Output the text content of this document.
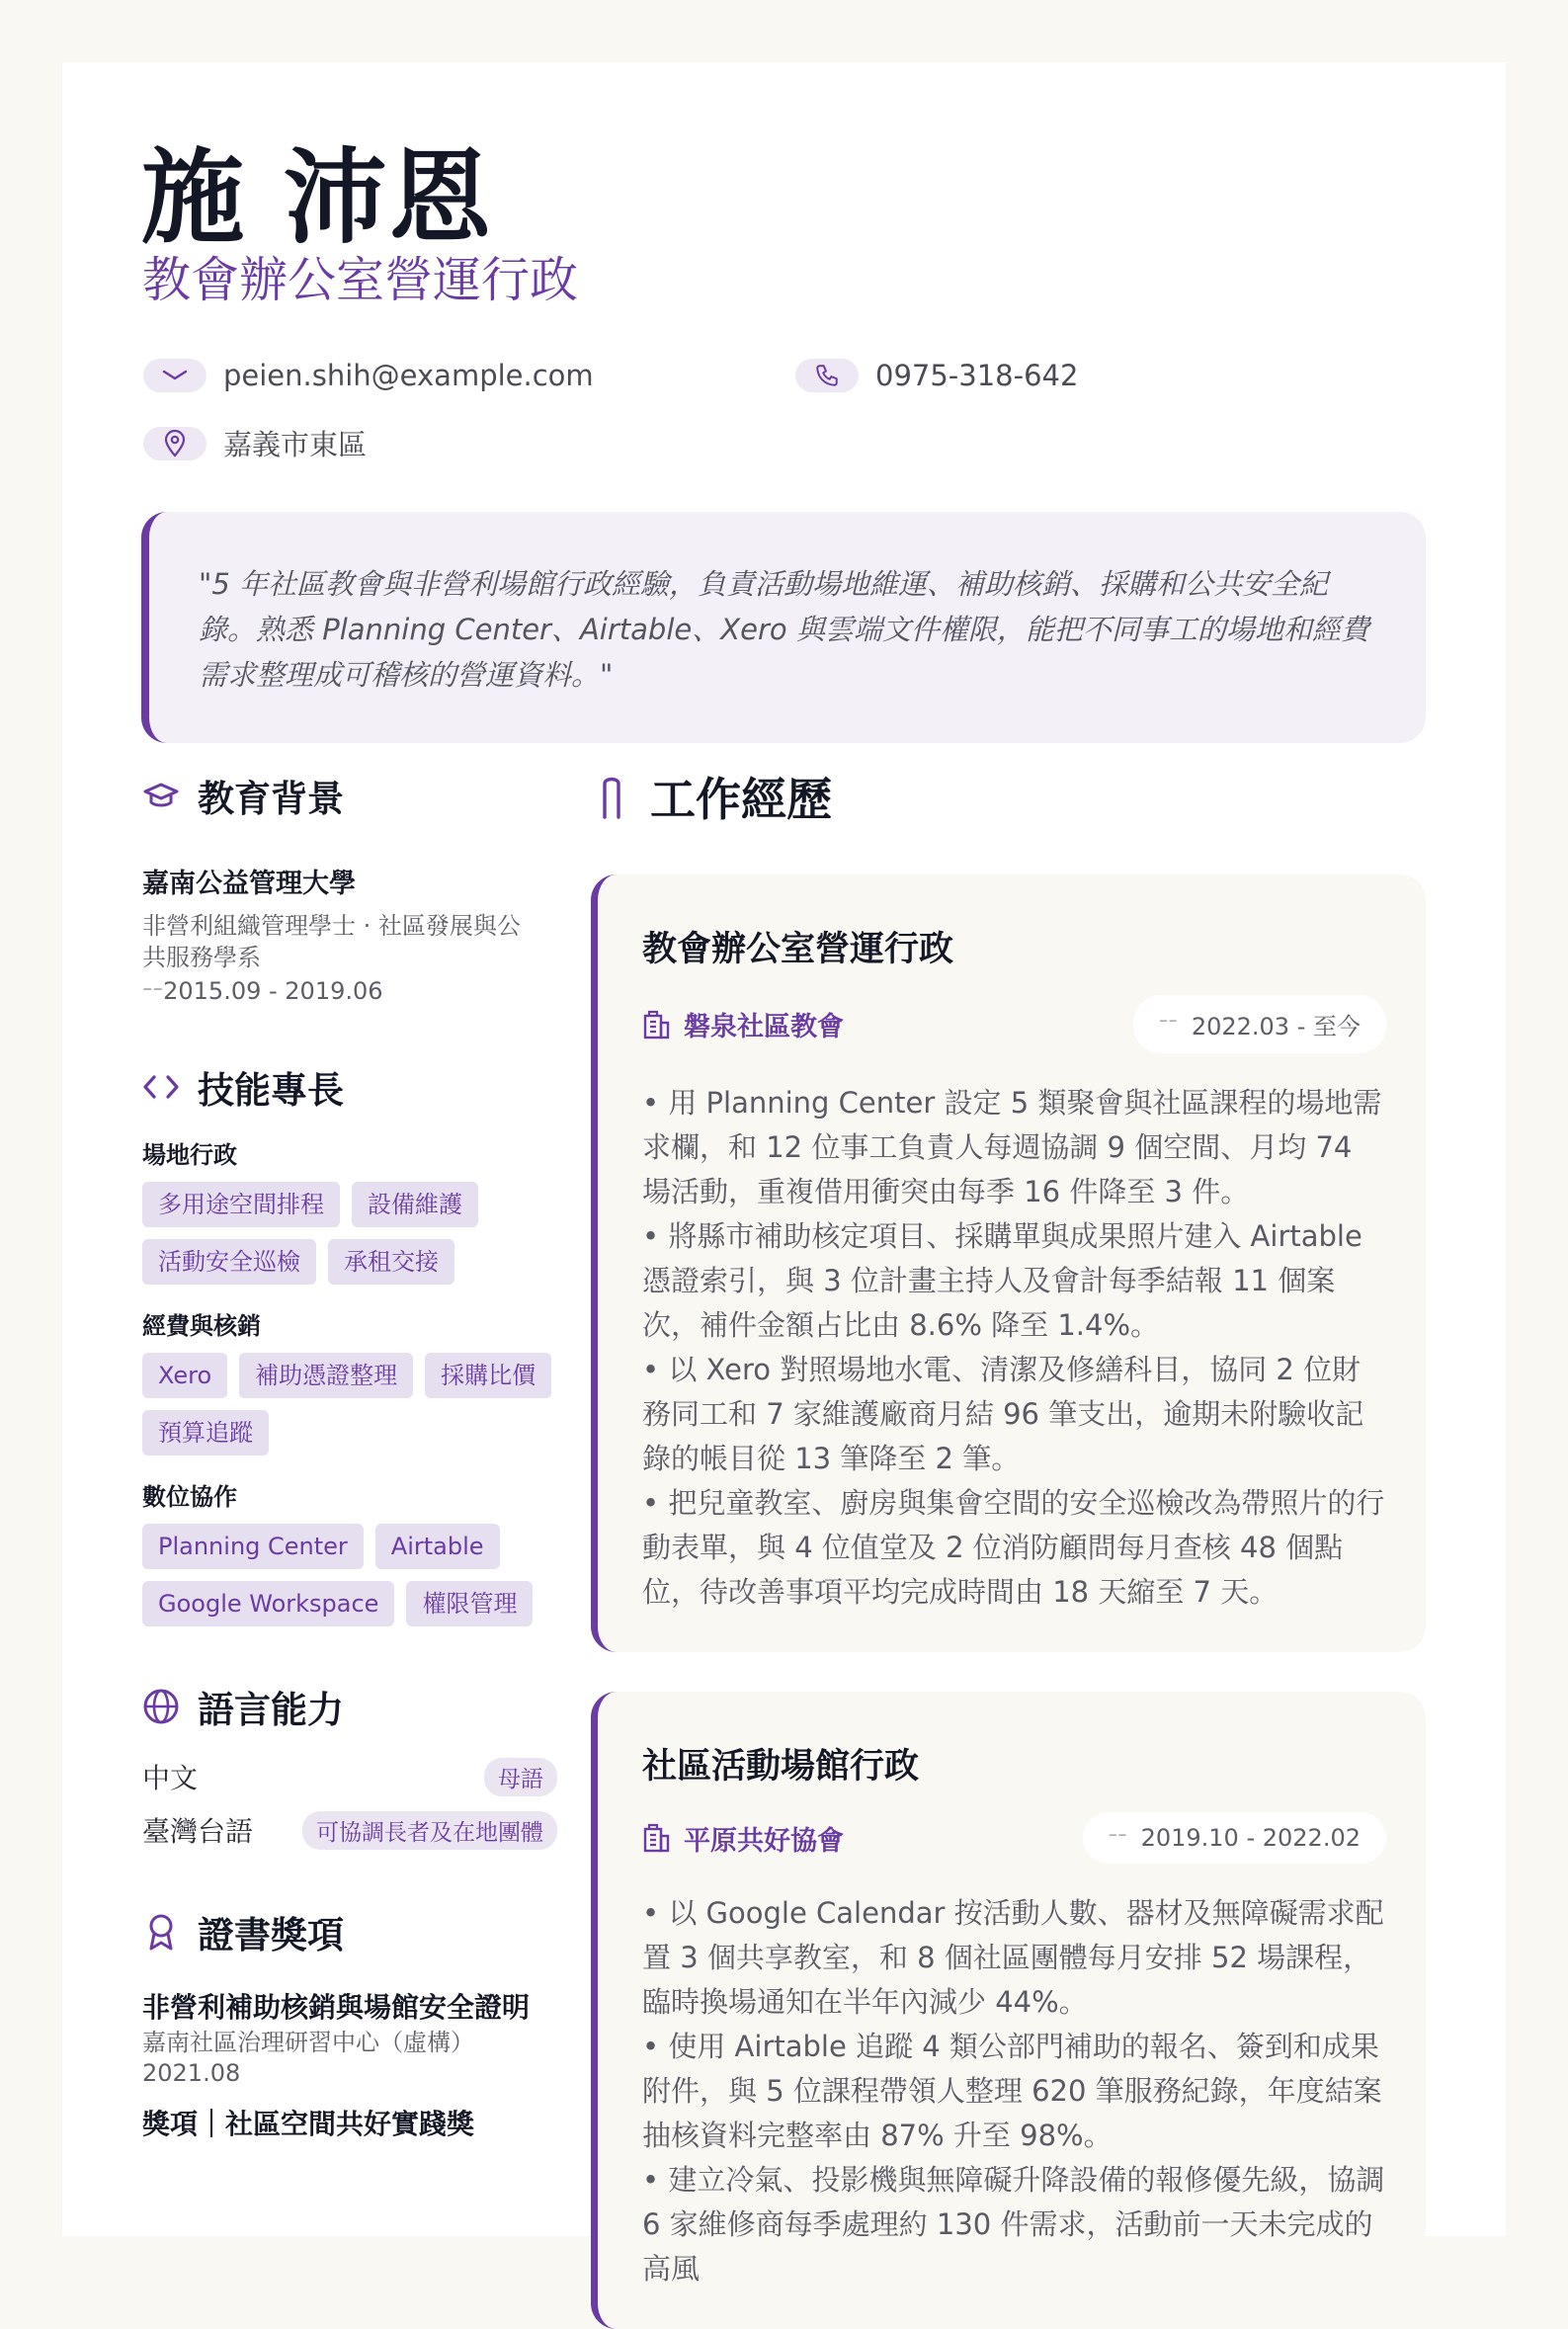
施 沛恩
教會辦公室營運行政
peien.shih@example.com	0975-318-642
嘉義市東區
"5 年社區教會與非營利場館行政經驗，負責活動場地維運、補助核銷、採購和公共安全紀錄。熟悉 Planning Center、Airtable、Xero 與雲端文件權限，能把不同事工的場地和經費需求整理成可稽核的營運資料。"
教育背景
嘉南公益管理大學
非營利組織管理學士 · 社區發展與公共服務學系
⁻⁻2015.09 - 2019.06
技能專長
場地行政
多用途空間排程	設備維護
活動安全巡檢	承租交接
經費與核銷
Xero	補助憑證整理	採購比價
預算追蹤
數位協作
Planning Center	Airtable
Google Workspace	權限管理
語言能力
中文	母語
臺灣台語	可協調長者及在地團體
證書獎項
非營利補助核銷與場館安全證明
嘉南社區治理研習中心（虛構）
2021.08
獎項｜社區空間共好實踐獎
工作經歷
教會辦公室營運行政
磐泉社區教會	⁻⁻ 2022.03 - 至今
• 用 Planning Center 設定 5 類聚會與社區課程的場地需求欄，和 12 位事工負責人每週協調 9 個空間、月均 74 場活動，重複借用衝突由每季 16 件降至 3 件。
• 將縣市補助核定項目、採購單與成果照片建入 Airtable 憑證索引，與 3 位計畫主持人及會計每季結報 11 個案次，補件金額占比由 8.6% 降至 1.4%。
• 以 Xero 對照場地水電、清潔及修繕科目，協同 2 位財務同工和 7 家維護廠商月結 96 筆支出，逾期未附驗收記錄的帳目從 13 筆降至 2 筆。
• 把兒童教室、廚房與集會空間的安全巡檢改為帶照片的行動表單，與 4 位值堂及 2 位消防顧問每月查核 48 個點位，待改善事項平均完成時間由 18 天縮至 7 天。
社區活動場館行政
平原共好協會	⁻⁻ 2019.10 - 2022.02
• 以 Google Calendar 按活動人數、器材及無障礙需求配置 3 個共享教室，和 8 個社區團體每月安排 52 場課程，臨時換場通知在半年內減少 44%。
• 使用 Airtable 追蹤 4 類公部門補助的報名、簽到和成果附件，與 5 位課程帶領人整理 620 筆服務紀錄，年度結案抽核資料完整率由 87% 升至 98%。
• 建立冷氣、投影機與無障礙升降設備的報修優先級，協調 6 家維修商每季處理約 130 件需求，活動前一天未完成的高風
